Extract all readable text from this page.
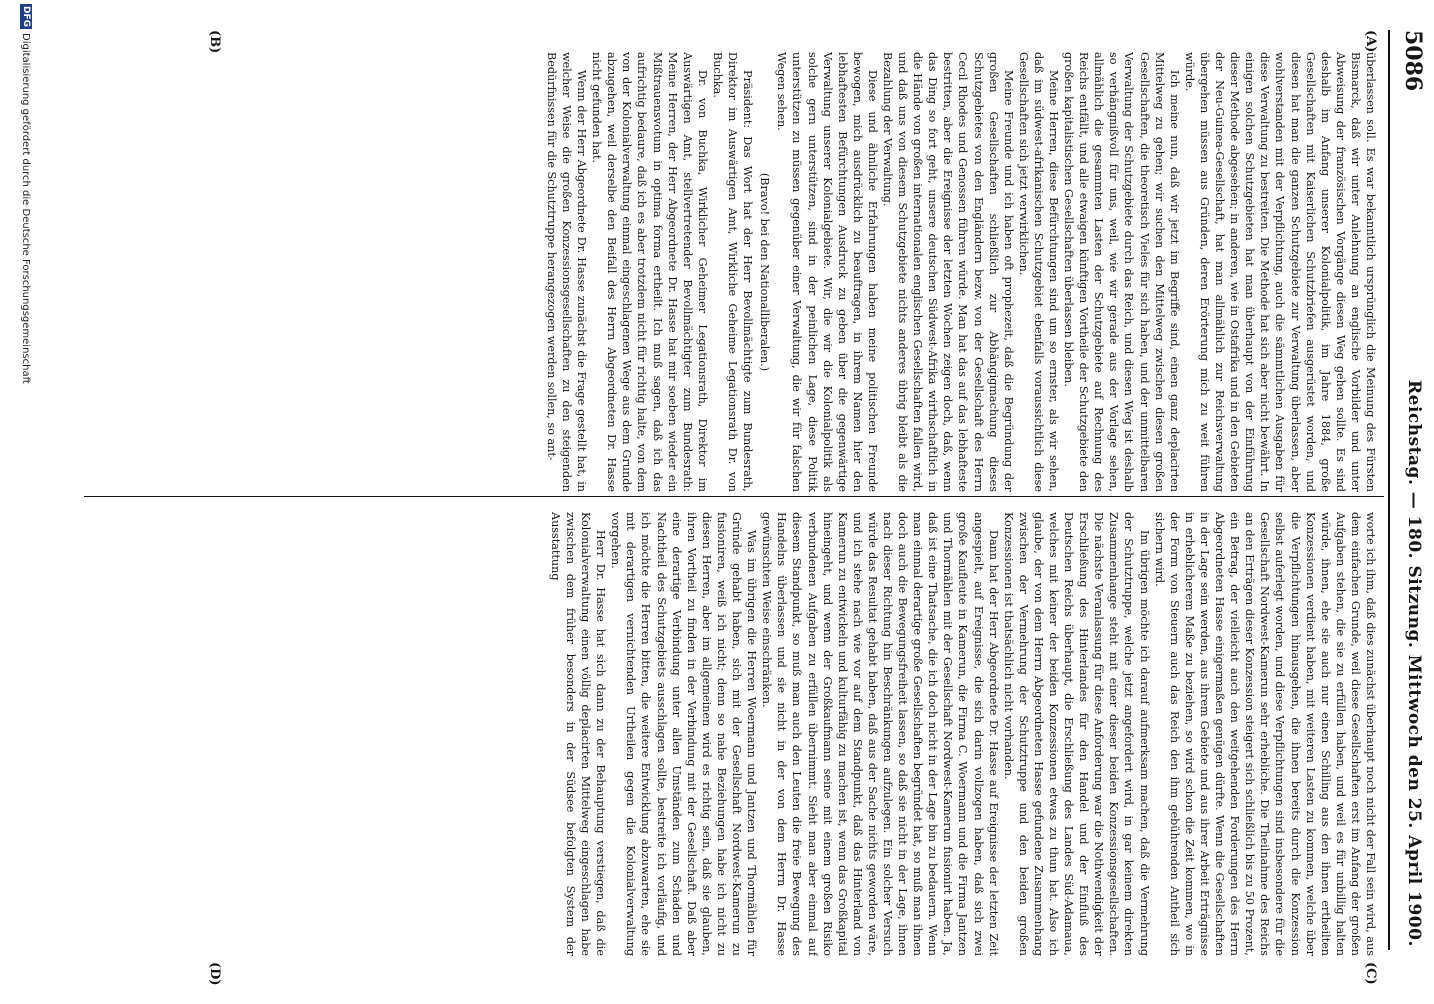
5086
Reichstag. — 180. Sitzung. Mittwoch den 25. April 1900.
(A)
(B)
(C)
(D)

überlassen soll. Es war bekanntlich ursprünglich die Meinung des Fürsten Bismarck, daß wir unter Anlehnung an englische Vorbilder und unter Abweisung der französischen Vorgänge diesen Weg gehen sollte. Es sind deshalb im Anfang unserer Kolonialpolitik, im Jahre 1884, große Gesellschaften mit Kaiserlichen Schutzbriefen ausgerüstet worden, und diesen hat man die ganzen Schutzgebiete zur Verwaltung überlassen, aber wohlverstanden mit der Verpflichtung, auch die sämmtlichen Ausgaben für diese Verwaltung zu bestreiten. Die Methode hat sich aber nicht bewährt. In einigen solchen Schutzgebieten hat man überhaupt von der Einführung dieser Methode abgesehen; in anderen, wie in Ostafrika und in den Gebieten der Neu-Guinea-Gesellschaft, hat man allmählich zur Reichsverwaltung übergehen müssen aus Gründen, deren Erörterung mich zu weit führen würde.

Ich meine nun, daß wir jetzt im Begriffe sind, einen ganz deplacirten Mittelweg zu gehen; wir suchen den Mittelweg zwischen diesen großen Gesellschaften, die theoretisch Vieles für sich haben, und der unmittelbaren Verwaltung der Schutzgebiete durch das Reich, und diesen Weg ist deshalb so verhängnißvoll für uns, weil, wie wir gerade aus der Vorlage sehen, allmählich die gesammten Lasten der Schutzgebiete auf Rechnung des Reichs entfällt, und alle etwaigen künftigen Vortheile der Schutzgebiete den großen kapitalistischen Gesellschaften überlassen bleiben.

Meine Herren, diese Befürchtungen sind um so ernster, als wir sehen, daß im südwest-afrikanischen Schutzgebiet ebenfalls voraussichtlich diese Gesellschaften sich jetzt verwirklichen.

Meine Freunde und ich haben oft prophezeit, daß die Begründung der großen Gesellschaften schließlich zur Abhängigmachung dieses Schutzgebietes von den Engländern bezw. von der Gesellschaft des Herrn Cecil Rhodes und Genossen führen würde. Man hat das auf das lebhafteste bestritten, aber die Ereignisse der letzten Wochen zeigen doch, daß, wenn das Ding so fort geht, unsere deutschen Südwest-Afrika wirthschaftlich in die Hände von großen internationalen englischen Gesellschaften fallen wird, und daß uns von diesem Schutzgebiete nichts anderes übrig bleibt als die Bezahlung der Verwaltung.

Diese und ähnliche Erfahrungen haben meine politischen Freunde bewogen, mich ausdrücklich zu beauftragen, in ihrem Namen hier den lebhaftesten Befürchtungen Ausdruck zu geben über die gegenwärtige Verwaltung unserer Kolonialgebiete. Wir, die wir die Kolonialpolitik als solche gern unterstützen, sind in der peinlichen Lage, diese Politik unterstützen zu müssen gegenüber einer Verwaltung, die wir für falschen Wegen sehen.

(Bravo! bei den Nationalliberalen.)

Präsident: Das Wort hat der Herr Bevollmächtigte zum Bundesrath, Direktor im Auswärtigen Amt, Wirkliche Geheime Legationsrath Dr. von Buchka.

Dr. von Buchka, Wirklicher Geheimer Legationsrath, Direktor im Auswärtigen Amt, stellvertretender Bevollmächtigter zum Bundesrath: Meine Herren, der Herr Abgeordnete Dr. Hasse hat mir soeben wieder ein Mißtrauensvotum in optima forma ertheilt. Ich muß sagen, daß ich das aufrichtig bedaure, daß ich es aber trotzdem nicht für richtig halte, von dem von der Kolonialverwaltung einmal eingeschlagenen Wege aus dem Grunde abzugehen, weil derselbe den Beifall des Herrn Abgeordneten Dr. Hasse nicht gefunden hat.

Wenn der Herr Abgeordnete Dr. Hasse zunächst die Frage gestellt hat, in welcher Weise die großen Konzessionsgesellschaften zu den steigenden Bedürfnissen für die Schutztruppe herangezogen werden sollen, so ant-

worte ich ihm, daß dies zunächst überhaupt noch nicht der Fall sein wird, aus dem einfachen Grunde, weil diese Gesellschaften erst im Anfang der großen Aufgaben stehen, die sie zu erfüllen haben, und weil es für unbillig halten würde, ihnen, ehe sie auch nur einen Schilling aus den ihnen ertheilten Konzessionen verdient haben, mit weiteren Lasten zu kommen, welche über die Verpflichtungen hinausgehen, die ihnen bereits durch die Konzession selbst auferlegt worden, und diese Verpflichtungen sind insbesondere für die Gesellschaft Nordwest-Kamerun sehr erhebliche. Die Theilnahme des Reichs an den Erträgen dieser Konzession steigert sich schließlich bis zu 50 Prozent, ein Betrag, der vielleicht auch den weitgehenden Forderungen des Herrn Abgeordneten Hasse einigermaßen genügen dürfte. Wenn die Gesellschaften in der Lage sein werden, aus ihrem Gebiete und aus ihrer Arbeit Erträgnisse in erheblicherem Maße zu beziehen, so wird schon die Zeit kommen, wo in der Form von Steuern auch das Reich den ihm gebührenden Antheil sich sichern wird.

Im übrigen möchte ich darauf aufmerksam machen, daß die Vermehrung der Schutztruppe, welche jetzt angefordert wird, in gar keinem direkten Zusammenhange steht mit einer dieser beiden Konzessionsgesellschaften. Die nächste Veranlassung für diese Anforderung war die Nothwendigkeit der Erschließung des Hinterlandes für den Handel und der Einfluß des Deutschen Reichs überhaupt, die Erschließung des Landes Süd-Adamaua, welches mit keiner der beiden Konzessionen etwas zu thun hat. Also ich glaube, der von dem Herrn Abgeordneten Hasse gefundene Zusammenhang zwischen der Vermehrung der Schutztruppe und den beiden großen Konzessionen ist thatsächlich nicht vorhanden.

Dann hat der Herr Abgeordnete Dr. Hasse auf Ereignisse der letzten Zeit angespielt, auf Ereignisse, die sich darin vollzogen haben, daß sich zwei große Kaufleute in Kamerun, die Firma C. Woermann und die Firma Jantzen und Thormählen mit der Gesellschaft Nordwest-Kamerun fusionirt haben. Ja, daß ist eine Thatsache, die ich doch nicht in der Lage bin zu bedauern. Wenn man einmal derartige große Gesellschaften begründet hat, so muß man ihnen doch auch die Bewegungsfreiheit lassen, so daß sie nicht in der Lage, ihnen nach dieser Richtung hin Beschränkungen aufzulegen. Ein solcher Versuch würde das Resultat gehabt haben, daß aus der Sache nichts geworden wäre, und ich stehe nach wie vor auf dem Standpunkt, daß das Hinterland von Kamerun zu entwickeln und kulturfähig zu machen ist, wenn das Großkapital hineingeht, und wenn der Großkaufmann seine mit einem großen Risiko verbundenen Aufgaben zu erfüllen übernimmt. Sieht man aber einmal auf diesem Standpunkt, so muß man auch den Leuten die freie Bewegung des Handelns überlassen und sie nicht in der von dem Herrn Dr. Hasse gewünschten Weise einschränken.

Was im übrigen die Herren Woermann und Jantzen und Thormählen für Gründe gehabt haben, sich mit der Gesellschaft Nordwest-Kamerun zu fusioniren, weiß ich nicht; denn so nahe Beziehungen habe ich nicht zu diesen Herren, aber im allgemeinen wird es richtig sein, daß sie glauben, ihren Vortheil zu finden in der Verbindung mit der Gesellschaft. Daß aber eine derartige Verbindung unter allen Umständen zum Schaden und Nachtheil des Schutzgebiets ausschlagen sollte, bestreite ich vorläufig, und ich möchte die Herren bitten, die weitere Entwicklung abzuwarten, ehe sie mit derartigen vernichtenden Urtheilen gegen die Kolonialverwaltung vorgehen.

Herr Dr. Hasse hat sich dann zu der Behauptung verstiegen, daß die Kolonialverwaltung einen völlig deplacirten Mittelweg eingeschlagen habe zwischen dem früher besonders in der Südsee befolgten System der Ausstattung

DFGDigitalisierung gefördert durch die Deutsche Forschungsgemeinschaft
